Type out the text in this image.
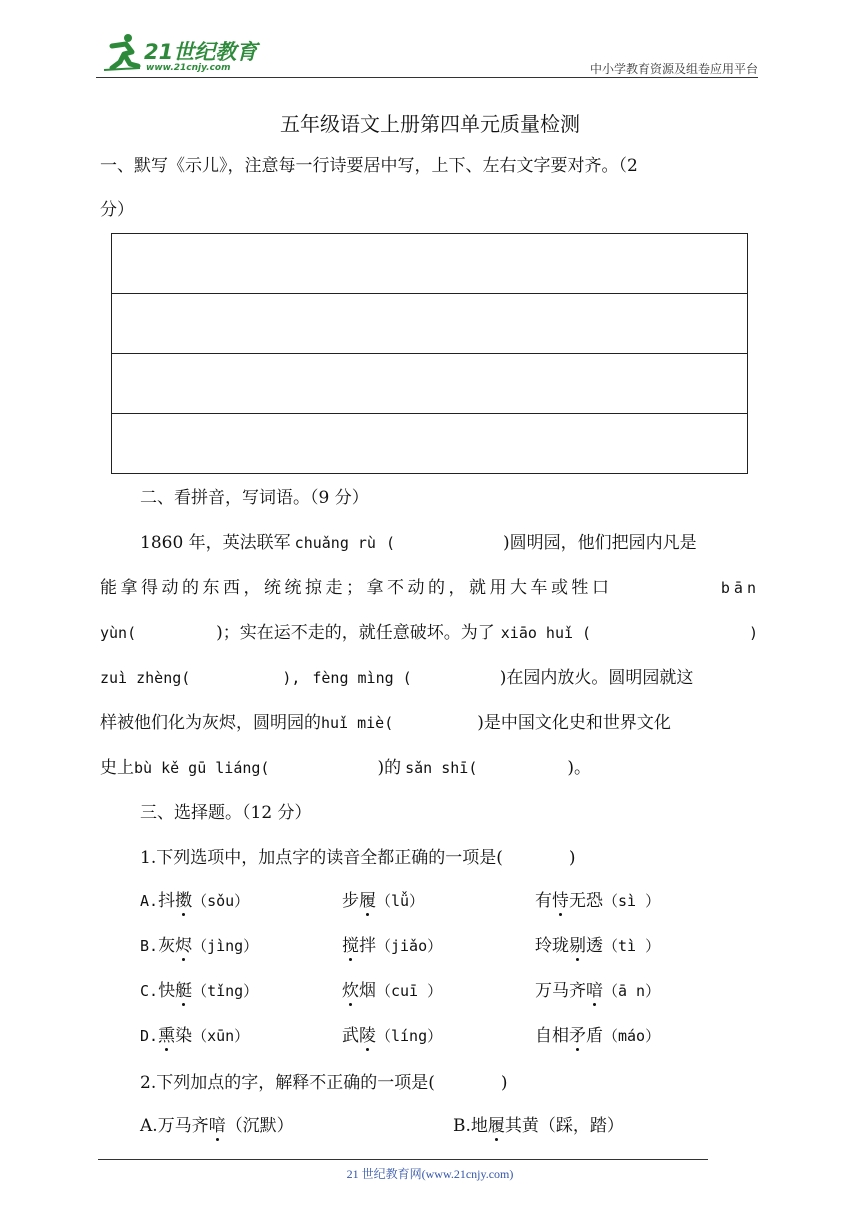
21世纪教育
www.21cnjy.com	中小学教育资源及组卷应用平台
五年级语文上册第四单元质量检测
一、默写《示儿》，注意每一行诗要居中写，上下、左右文字要对齐。（2
分）
二、看拼音，写词语。（9 分）
1860 年，英法联军 chuǎng rù (	)圆明园，他们把园内凡是
能拿得动的东西，统统掠走；拿不动的，就用大车或牲口	bān
yùn(	)；实在运不走的，就任意破坏。为了 xiāo huǐ (	)
zuì zhèng(	), fèng mìng (	)在园内放火。圆明园就这
样被他们化为灰烬，圆明园的huǐ miè(	)是中国文化史和世界文化
史上bù kě gū liáng(	)的 sǎn shī(	)。
三、选择题。（12 分）
1.下列选项中，加点字的读音全都正确的一项是(	)
A.抖擞（sǒu）	步履（lǚ）	有恃无恐（sì ）
B.灰烬（jìng）	搅拌（jiǎo）	玲珑剔透（tì ）
C.快艇（tǐng）	炊烟（cuī ）	万马齐喑（ā n）
D.熏染（xūn）	武陵（líng）	自相矛盾（máo）
2.下列加点的字，解释不正确的一项是(	)
A.万马齐喑（沉默）	B.地履其黄（踩，踏）
21 世纪教育网(www.21cnjy.com)
